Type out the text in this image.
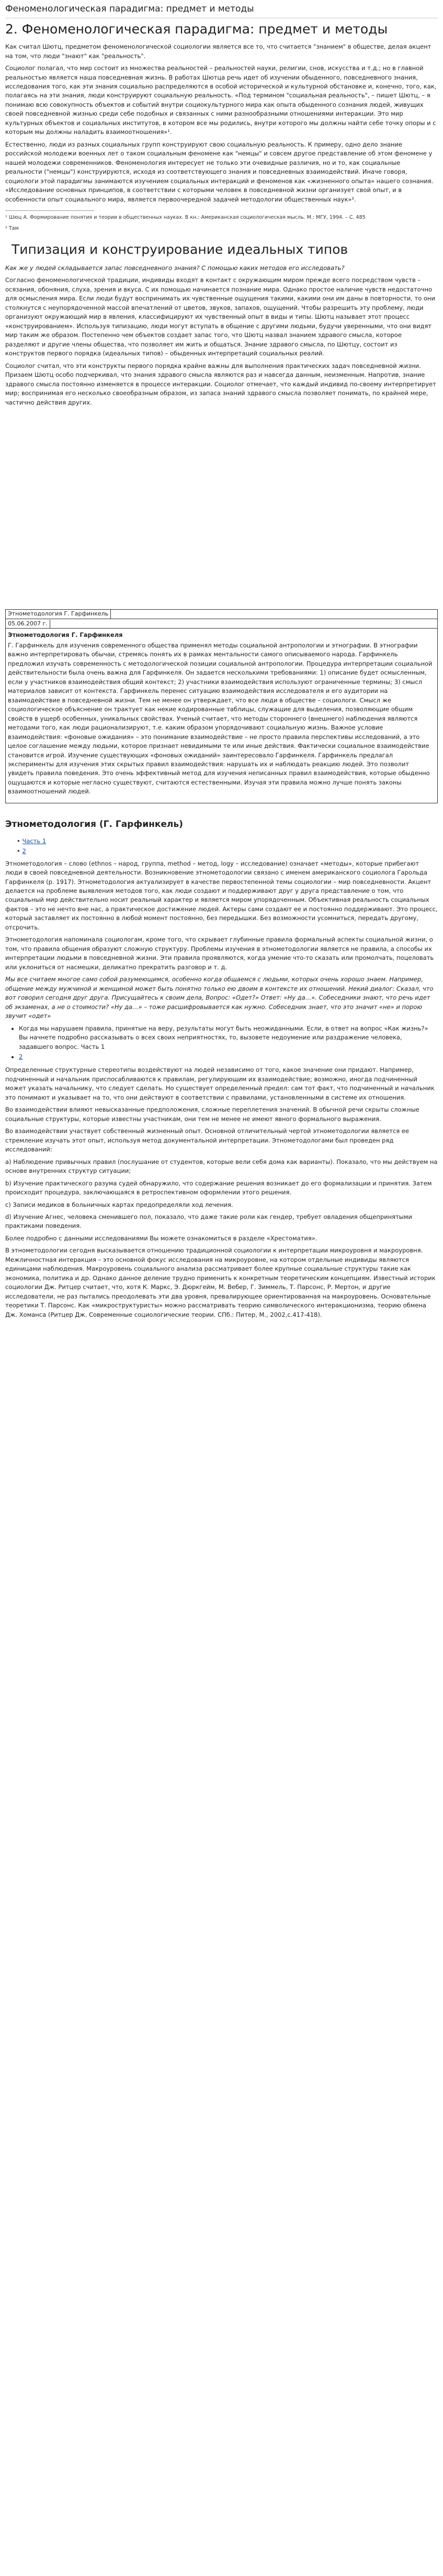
Феноменологическая парадигма: предмет и методы
2. Феноменологическая парадигма: предмет и методы

Как считал Шютц, предметом феноменологической социологии является все то, что считается "знанием" в обществе, делая акцент на том, что люди "знают" как "реальность".

Социолог полагал, что мир состоит из множества реальностей – реальностей науки, религии, снов, искусства и т.д.; но в главной реальностью является наша повседневная жизнь. В работах Шютца речь идет об изучении обыденного, повседневного знания, исследования того, как эти знания социально распределяются в особой исторической и культурной обстановке и, конечно, того, как, полагаясь на эти знания, люди конструируют социальную реальность. «Под термином "социальная реальность", – пишет Шютц, – я понимаю всю совокупность объектов и событий внутри социокультурного мира как опыта обыденного сознания людей, живущих своей повседневной жизнью среди себе подобных и связанных с ними разнообразными отношениями интеракции. Это мир культурных объектов и социальных институтов, в котором все мы родились, внутри которого мы должны найти себе точку опоры и с которым мы должны наладить взаимоотношения»¹.

Естественно, люди из разных социальных групп конструируют свою социальную реальность. К примеру, одно дело знание российской молодежи военных лет о таком социальным феномене как "немцы" и совсем другое представление об этом феномене у нашей молодежи современников. Феноменология интересует не только эти очевидные различия, но и то, как социальные реальности ("немцы") конструируются, исходя из соответствующего знания и повседневных взаимодействий. Иначе говоря, социологи этой парадигмы занимаются изучением социальных интеракций и феноменов как «жизненного опыта» нашего сознания. «Исследование основных принципов, в соответствии с которыми человек в повседневной жизни организует свой опыт, и в особенности опыт социального мира, является первоочередной задачей методологии общественных наук»².

¹ Шюц А. Формирование понятия и теории в общественных науках. В кн.: Американская социологическая мысль. М.: МГУ, 1994. – С. 485
² Там
Типизация и конструирование идеальных типов

Как же у людей складывается запас повседневного знания? С помощью каких методов его исследовать?

Согласно феноменологической традиции, индивиды входят в контакт с окружающим миром прежде всего посредством чувств – осязания, обоняния, слуха, зрения и вкуса. С их помощью начинается познание мира. Однако простое наличие чувств недостаточно для осмысления мира. Если люди будут воспринимать их чувственные ощущения такими, какими они им даны в повторности, то они столкнутся с неупорядоченной массой впечатлений от цветов, звуков, запахов, ощущений. Чтобы разрешить эту проблему, люди организуют окружающий мир в явления, классифицируют их чувственный опыт в виды и типы. Шютц называет этот процесс «конструированием». Используя типизацию, люди могут вступать в общение с другими людьми, будучи уверенными, что они видят мир таким же образом. Постепенно чем объектов создает запас того, что Шютц назвал знанием здравого смысла, которое разделяют и другие члены общества, что позволяет им жить и общаться. Знание здравого смысла, по Шютцу, состоит из конструктов первого порядка (идеальных типов) – обыденных интерпретаций социальных реалий.

Социолог считал, что эти конструкты первого порядка крайне важны для выполнения практических задач повседневной жизни. Призаем Шютц особо подчеркивал, что знания здравого смысла являются раз и навсегда данным, неизменным. Напротив, знание здравого смысла постоянно изменяется в процессе интеракции. Социолог отмечает, что каждый индивид по-своему интерпретирует мир; воспринимая его несколько своеобразным образом, из запаса знаний здравого смысла позволяет понимать, по крайней мере, частично действия других.

Этнометодология Г. Гарфинкель
05.06.2007 г.
Этнометодология Г. Гарфинкеля

Г. Гарфинкель для изучения современного общества применял методы социальной антропологии и этнографии. В этнографии важно интерпретировать обычаи, стремясь понять их в рамках ментальности самого описываемого народа. Гарфинкель предложил изучать современность с методологической позиции социальной антропологии. Процедура интерпретации социальной действительности была очень важна для Гарфинкеля. Он задается несколькими требованиями: 1) описание будет осмысленным, если у участников взаимодействия общий контекст; 2) участники взаимодействия используют ограниченные термины; 3) смысл материалов зависит от контекста. Гарфинкель перенес ситуацию взаимодействия исследователя и его аудитории на взаимодействие в повседневной жизни. Тем не менее он утверждает, что все люди в обществе – социологи. Смысл же социологическое объяснение он трактует как некие кодированные таблицы, служащие для выделения, позволяющие общим свойств в ущерб особенных, уникальных свойствах. Ученый считает, что методы стороннего (внешнего) наблюдения являются методами того, как люди рационализируют, т.е. каким образом упорядочивают социальную жизнь. Важное условие взаимодействия: «фоновые ожидания» – это понимание взаимодействие – не просто правила перспективы исследований, а это целое соглашение между людьми, которое признает невидимыми те или иные действия. Фактически социальное взаимодействие становится игрой. Изучение существующих «фоновых ожиданий» заинтересовало Гарфинкеля. Гарфинкель предлагал эксперименты для изучения этих скрытых правил взаимодействия: нарушать их и наблюдать реакцию людей. Это позволит увидеть правила поведения. Это очень эффективный метод для изучения неписанных правил взаимодействия, которые обыденно ощущаются и которые негласно существуют, считаются естественными. Изучая эти правила можно лучше понять законы взаимоотношений людей.

Этнометодология (Г. Гарфинкель)
• Часть 1
• 2

Этнометодология – слово (ethnos – народ, группа, method – метод, logy – исследование) означает «методы», которые прибегают люди в своей повседневной деятельности. Возникновение этнометодологии связано с именем американского социолога Гарольда Гарфинкеля (р. 1917). Этнометодология актуализирует в качестве первостепенной темы социологии – мир повседневности. Акцент делается на проблеме выявления методов того, как люди создают и поддерживают друг у друга представление о том, что социальный мир действительно носит реальный характер и является миром упорядоченным. Объективная реальность социальных фактов – это не нечто вне нас, а практическое достижение людей. Актеры сами создают ее и постоянно поддерживают. Это процесс, который заставляет их постоянно в любой момент постоянно, без передышки. Без возможности усомниться, передать другому, отсрочить.

Этнометодология напоминала социологам, кроме того, что скрывает глубинные правила формальный аспекты социальной жизни, о том, что правила общения образуют сложную структуру. Проблемы изучения в этнометодологии является не правила, а способы их интерпретации людьми в повседневной жизни. Эти правила проявляются, когда умение что-то сказать или промолчать, поцеловать или уклониться от насмешки, деликатно прекратить разговор и т. д.

Мы все считаем многое само собой разумеющимся, особенно когда общаемся с людьми, которых очень хорошо знаем. Например, общение между мужчиной и женщиной может быть понятно только ею двоим в контексте их отношений. Некий диалог: Сказал, что вот говорил сегодня друг друга. Присущайтесь к своим дела, Вопрос: «Одет?» Ответ: «Ну да…». Собеседники знают, что речь идет об экзаменах, а не о стоимости? «Ну да…» – тоже расшифровывается как нужно. Собеседник знает, что это значит «не» и порою звучит «одет»

• Когда мы нарушаем правила, принятые на веру, результаты могут быть неожиданными. Если, в ответ на вопрос «Как жизнь?» Вы начнете подробно рассказывать о всех своих неприятностях, то, вызовете недоумение или раздражение человека, задавшего вопрос. Часть 1
• 2

Определенные структурные стереотипы воздействуют на людей независимо от того, какое значение они придают. Например, подчиненный и начальник приспосабливаются к правилам, регулирующим их взаимодействие; возможно, иногда подчиненный может указать начальнику, что следует сделать. Но существует определенный предел: сам тот факт, что подчиненный и начальник это понимают и указывает на то, что они действуют в соответствии с правилами, установленными в системе их отношения.

Во взаимодействии влияют невысказанные предположения, сложные переплетения значений. В обычной речи скрыты сложные социальные структуры, которые известны участникам, они тем не менее не имеют явного формального выражения.

Во взаимодействии участвует собственный жизненный опыт. Основной отличительный чертой этнометодологии является ее стремление изучать этот опыт, используя метод документальной интерпретации. Этнометодологами был проведен ряд исследований:

a) Наблюдение привычных правил (послушание от студентов, которые вели себя дома как варианты). Показало, что мы действуем на основе внутренних структур ситуации;

b) Изучение практического разума судей обнаружило, что содержание решения возникает до его формализации и принятия. Затем происходит процедура, заключающаяся в ретроспективном оформлении этого решения.

c) Записи медиков в больничных картах предопределяли ход лечения.

d) Изучение Агнес, человека сменившего пол, показало, что даже такие роли как гендер, требует овладения общепринятыми практиками поведения.

Более подробно с данными исследованиями Вы можете ознакомиться в разделе «Хрестоматия».

В этнометодологии сегодня высказывается отношению традиционной социологии к интерпретации микроуровня и макроуровня. Межличностная интеракция – это основной фокус исследования на микроуровне, на котором отдельные индивиды являются единицами наблюдения. Макроуровень социального анализа рассматривает более крупные социальные структуры такие как экономика, политика и др. Однако данное деление трудно применить к конкретным теоретическим концепциям. Известный историк социологии Дж. Ритцер считает, что, хотя К. Маркс, Э. Дюркгейм, М. Вебер, Г. Зиммель, Т. Парсонс, Р. Мертон, и другие исследователи, не раз пытались преодолевать эти два уровня, превалирующее ориентированная на макроуровень. Основательные теоретики Т. Парсонс. Как «микроструктуристы» можно рассматривать теорию символического интеракционизма, теорию обмена Дж. Хоманса (Ритцер Дж. Современные социологические теории. СПб.: Питер, М., 2002,с.417-418).
